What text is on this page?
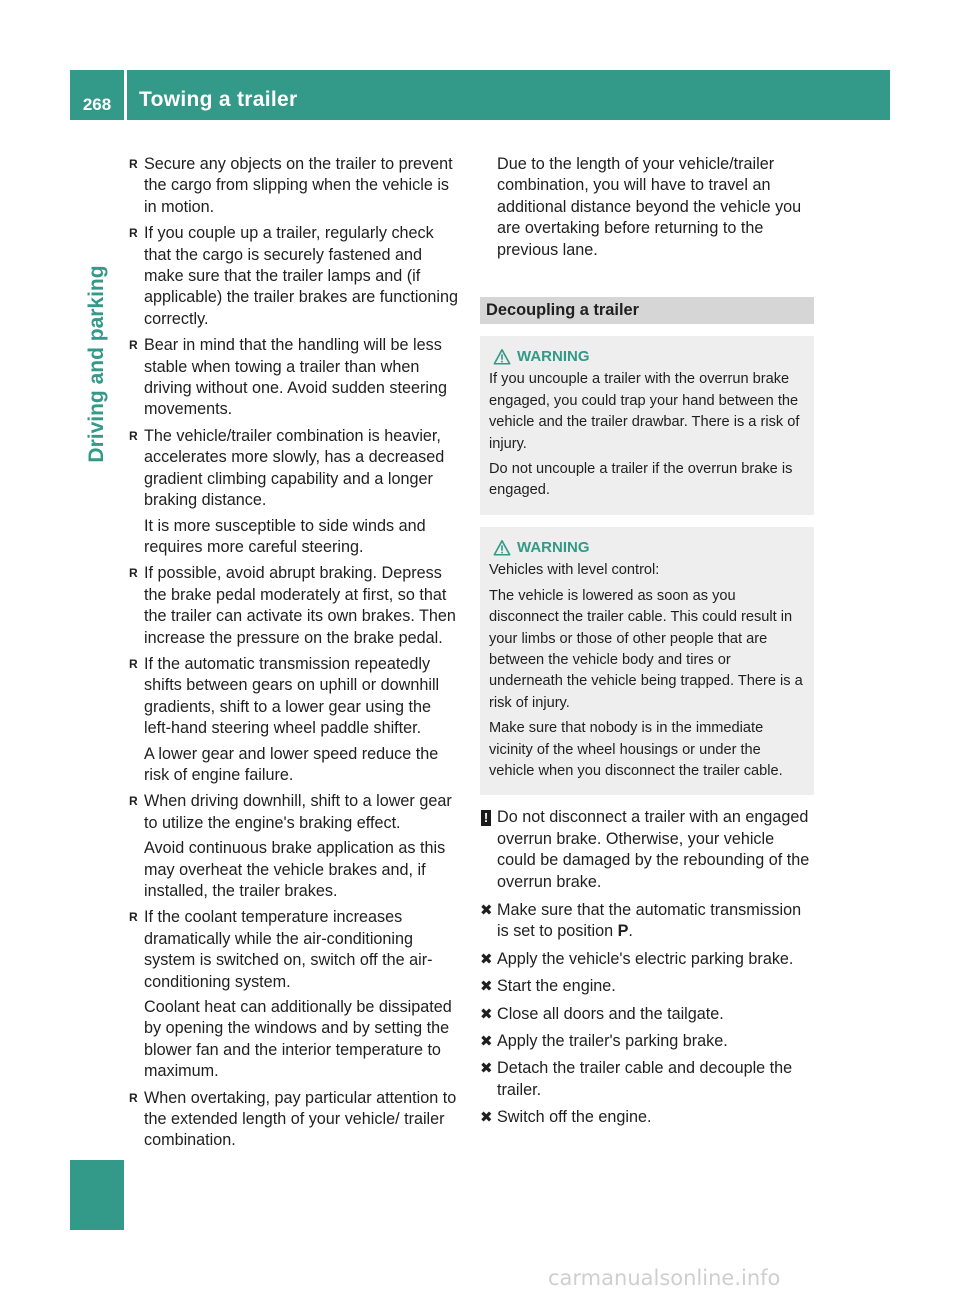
268	Towing a trailer
Driving and parking
R Secure any objects on the trailer to prevent the cargo from slipping when the vehicle is in motion.
R If you couple up a trailer, regularly check that the cargo is securely fastened and make sure that the trailer lamps and (if applicable) the trailer brakes are functioning correctly.
R Bear in mind that the handling will be less stable when towing a trailer than when driving without one. Avoid sudden steering movements.
R The vehicle/trailer combination is heavier, accelerates more slowly, has a decreased gradient climbing capability and a longer braking distance.
It is more susceptible to side winds and requires more careful steering.
R If possible, avoid abrupt braking. Depress the brake pedal moderately at first, so that the trailer can activate its own brakes. Then increase the pressure on the brake pedal.
R If the automatic transmission repeatedly shifts between gears on uphill or downhill gradients, shift to a lower gear using the left-hand steering wheel paddle shifter.
A lower gear and lower speed reduce the risk of engine failure.
R When driving downhill, shift to a lower gear to utilize the engine's braking effect.
Avoid continuous brake application as this may overheat the vehicle brakes and, if installed, the trailer brakes.
R If the coolant temperature increases dramatically while the air-conditioning system is switched on, switch off the air-conditioning system.
Coolant heat can additionally be dissipated by opening the windows and by setting the blower fan and the interior temperature to maximum.
R When overtaking, pay particular attention to the extended length of your vehicle/ trailer combination.
Due to the length of your vehicle/trailer combination, you will have to travel an additional distance beyond the vehicle you are overtaking before returning to the previous lane.
Decoupling a trailer
WARNING
If you uncouple a trailer with the overrun brake engaged, you could trap your hand between the vehicle and the trailer drawbar. There is a risk of injury.
Do not uncouple a trailer if the overrun brake is engaged.
WARNING
Vehicles with level control:
The vehicle is lowered as soon as you disconnect the trailer cable. This could result in your limbs or those of other people that are between the vehicle body and tires or underneath the vehicle being trapped. There is a risk of injury.
Make sure that nobody is in the immediate vicinity of the wheel housings or under the vehicle when you disconnect the trailer cable.
! Do not disconnect a trailer with an engaged overrun brake. Otherwise, your vehicle could be damaged by the rebounding of the overrun brake.
✖ Make sure that the automatic transmission is set to position P.
✖ Apply the vehicle's electric parking brake.
✖ Start the engine.
✖ Close all doors and the tailgate.
✖ Apply the trailer's parking brake.
✖ Detach the trailer cable and decouple the trailer.
✖ Switch off the engine.
carmanualsonline.info
